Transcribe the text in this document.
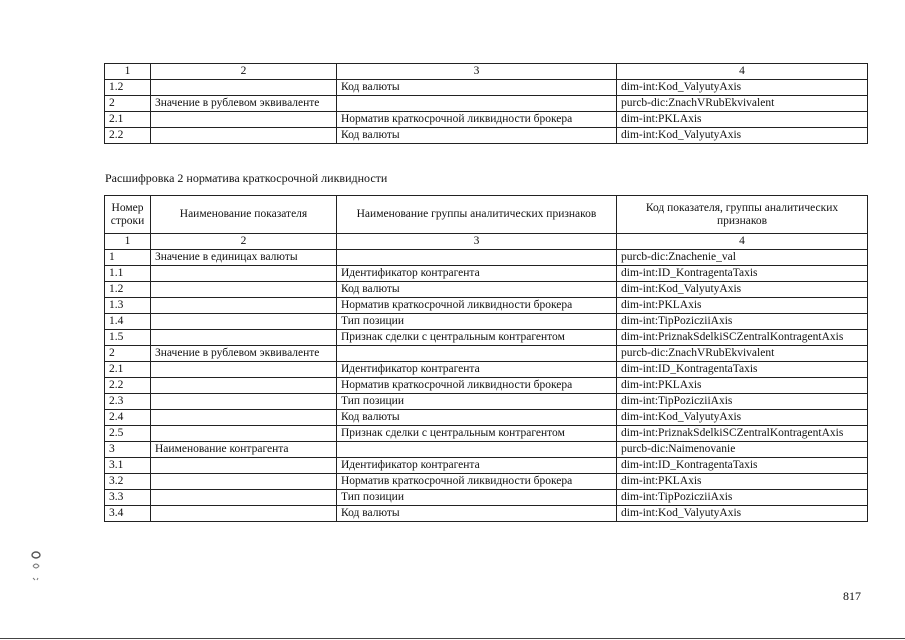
1	2	3	4
1.2		Код валюты	dim-int:Kod_ValyutyAxis
2	Значение в рублевом эквиваленте		purcb-dic:ZnachVRubEkvivalent
2.1		Норматив краткосрочной ликвидности брокера	dim-int:PKLAxis
2.2		Код валюты	dim-int:Kod_ValyutyAxis
Расшифровка 2 норматива краткосрочной ликвидности
Номер строки	Наименование показателя	Наименование группы аналитических признаков	Код показателя, группы аналитических признаков
1	2	3	4
1	Значение в единицах валюты		purcb-dic:Znachenie_val
1.1		Идентификатор контрагента	dim-int:ID_KontragentaTaxis
1.2		Код валюты	dim-int:Kod_ValyutyAxis
1.3		Норматив краткосрочной ликвидности брокера	dim-int:PKLAxis
1.4		Тип позиции	dim-int:TipPozicziiAxis
1.5		Признак сделки с центральным контрагентом	dim-int:PriznakSdelkiSCZentralKontragentAxis
2	Значение в рублевом эквиваленте		purcb-dic:ZnachVRubEkvivalent
2.1		Идентификатор контрагента	dim-int:ID_KontragentaTaxis
2.2		Норматив краткосрочной ликвидности брокера	dim-int:PKLAxis
2.3		Тип позиции	dim-int:TipPozicziiAxis
2.4		Код валюты	dim-int:Kod_ValyutyAxis
2.5		Признак сделки с центральным контрагентом	dim-int:PriznakSdelkiSCZentralKontragentAxis
3	Наименование контрагента		purcb-dic:Naimenovanie
3.1		Идентификатор контрагента	dim-int:ID_KontragentaTaxis
3.2		Норматив краткосрочной ликвидности брокера	dim-int:PKLAxis
3.3		Тип позиции	dim-int:TipPozicziiAxis
3.4		Код валюты	dim-int:Kod_ValyutyAxis
817
